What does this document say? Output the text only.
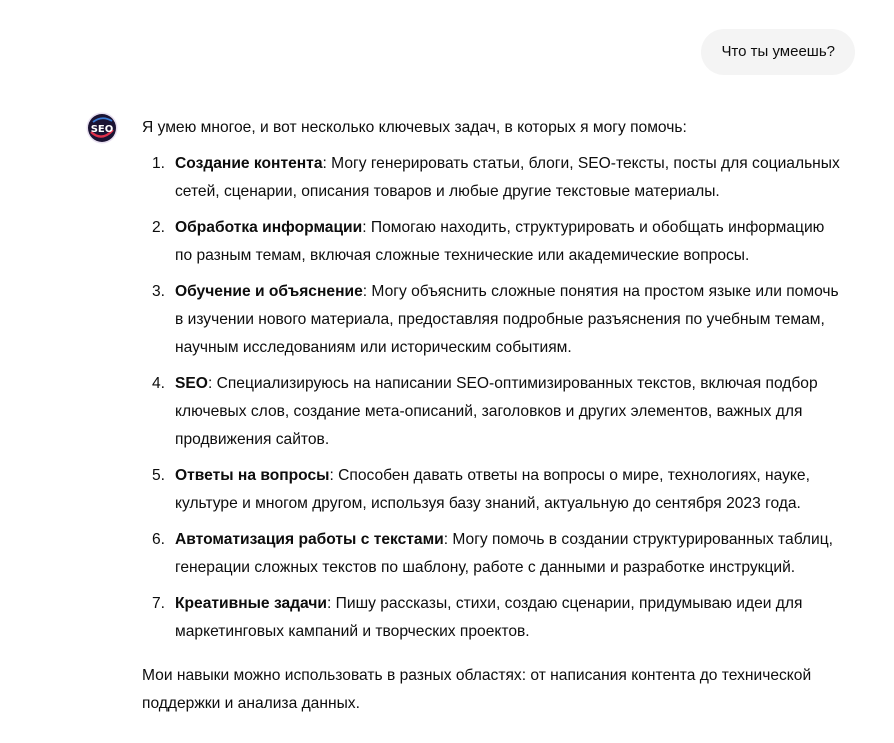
Что ты умеешь?
SEO Я умею многое, и вот несколько ключевых задач, в которых я могу помочь:

1. Создание контента: Могу генерировать статьи, блоги, SEO-тексты, посты для социальных сетей, сценарии, описания товаров и любые другие текстовые материалы.
2. Обработка информации: Помогаю находить, структурировать и обобщать информацию по разным темам, включая сложные технические или академические вопросы.
3. Обучение и объяснение: Могу объяснить сложные понятия на простом языке или помочь в изучении нового материала, предоставляя подробные разъяснения по учебным темам, научным исследованиям или историческим событиям.
4. SEO: Специализируюсь на написании SEO-оптимизированных текстов, включая подбор ключевых слов, создание мета-описаний, заголовков и других элементов, важных для продвижения сайтов.
5. Ответы на вопросы: Способен давать ответы на вопросы о мире, технологиях, науке, культуре и многом другом, используя базу знаний, актуальную до сентября 2023 года.
6. Автоматизация работы с текстами: Могу помочь в создании структурированных таблиц, генерации сложных текстов по шаблону, работе с данными и разработке инструкций.
7. Креативные задачи: Пишу рассказы, стихи, создаю сценарии, придумываю идеи для маркетинговых кампаний и творческих проектов.

Мои навыки можно использовать в разных областях: от написания контента до технической поддержки и анализа данных.
